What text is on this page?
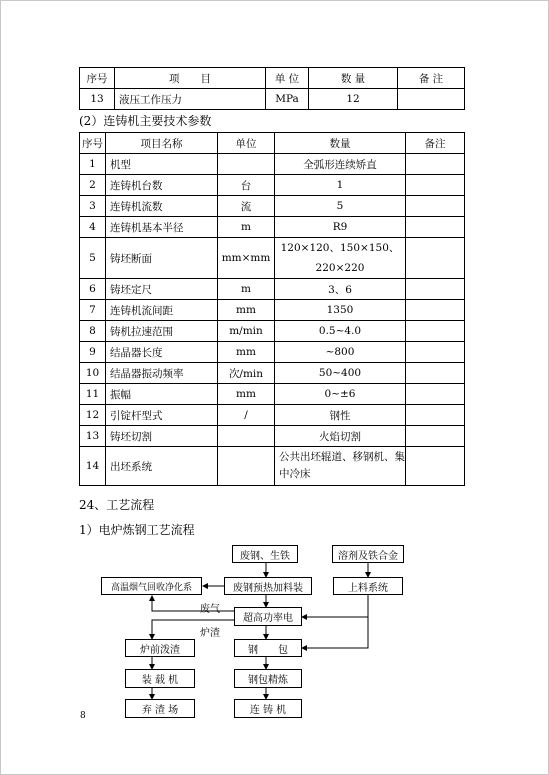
序号	项　　目	单 位	数 量	备 注
13	液压工作压力	MPa	12	
(2）连铸机主要技术参数
序号	项目名称	单位	数量	备注
1	机型		全弧形连续矫直	
2	连铸机台数	台	1	
3	连铸机流数	流	5	
4	连铸机基本半径	m	R9	
5	铸坯断面	mm×mm	120×120、150×150、220×220	
6	铸坯定尺	m	3、6	
7	连铸机流间距	mm	1350	
8	铸机拉速范围	m/min	0.5~4.0	
9	结晶器长度	mm	~800	
10	结晶器振动频率	次/min	50~400	
11	振幅	mm	0~±6	
12	引锭杆型式	/	钢性	
13	铸坯切割		火焰切割	
14	出坯系统		公共出坯辊道、移钢机、集中冷床	
24、工艺流程
1）电炉炼钢工艺流程
废钢、生铁	溶剂及铁合金
高温烟气回收净化系	废钢预热加料装	上料系统
超高功率电
炉前泼渣	钢　　包
装 载 机	钢包精炼
弃 渣 场	连 铸 机
废气
炉渣
8
